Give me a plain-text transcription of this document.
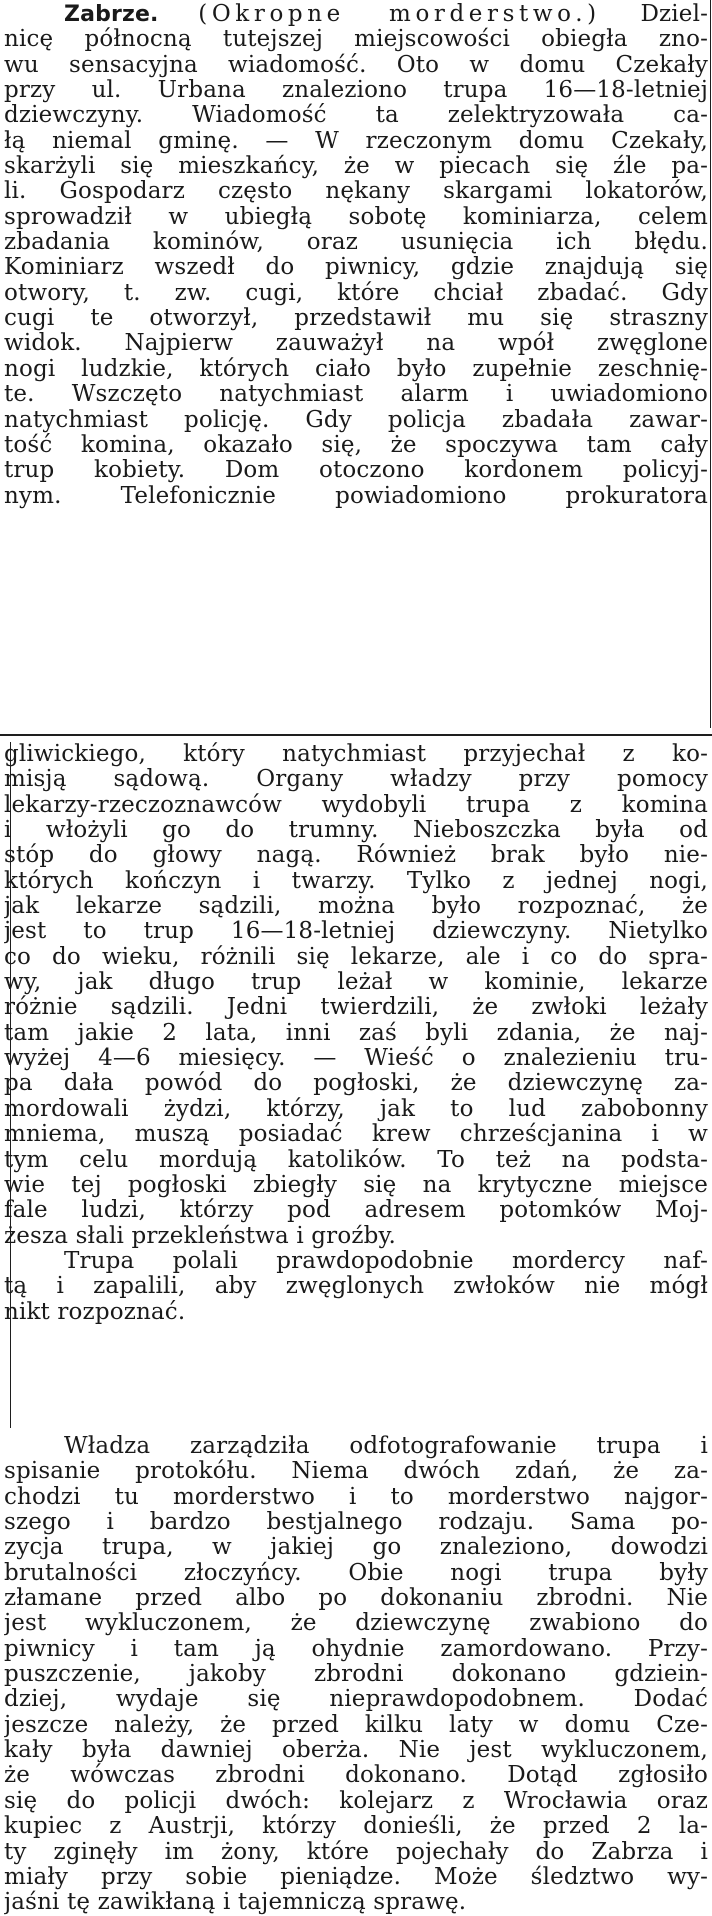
Zabrze. (Okropne morderstwo.) Dziel-
nicę północną tutejszej miejscowości obiegła zno-
wu sensacyjna wiadomość. Oto w domu Czekały
przy ul. Urbana znaleziono trupa 16—18-letniej
dziewczyny. Wiadomość ta zelektryzowała ca-
łą niemal gminę. — W rzeczonym domu Czekały,
skarżyli się mieszkańcy, że w piecach się źle pa-
li. Gospodarz często nękany skargami lokatorów,
sprowadził w ubiegłą sobotę kominiarza, celem
zbadania kominów, oraz usunięcia ich błędu.
Kominiarz wszedł do piwnicy, gdzie znajdują się
otwory, t. zw. cugi, które chciał zbadać. Gdy
cugi te otworzył, przedstawił mu się straszny
widok. Najpierw zauważył na wpół zwęglone
nogi ludzkie, których ciało było zupełnie zeschnię-
te. Wszczęto natychmiast alarm i uwiadomiono
natychmiast policję. Gdy policja zbadała zawar-
tość komina, okazało się, że spoczywa tam cały
trup kobiety. Dom otoczono kordonem policyj-
nym. Telefonicznie powiadomiono prokuratora
gliwickiego, który natychmiast przyjechał z ko-
misją sądową. Organy władzy przy pomocy
lekarzy-rzeczoznawców wydobyli trupa z komina
i włożyli go do trumny. Nieboszczka była od
stóp do głowy nagą. Również brak było nie-
których kończyn i twarzy. Tylko z jednej nogi,
jak lekarze sądzili, można było rozpoznać, że
jest to trup 16—18-letniej dziewczyny. Nietylko
co do wieku, różnili się lekarze, ale i co do spra-
wy, jak długo trup leżał w kominie, lekarze
różnie sądzili. Jedni twierdzili, że zwłoki leżały
tam jakie 2 lata, inni zaś byli zdania, że naj-
wyżej 4—6 miesięcy. — Wieść o znalezieniu tru-
pa dała powód do pogłoski, że dziewczynę za-
mordowali żydzi, którzy, jak to lud zabobonny
mniema, muszą posiadać krew chrześcjanina i w
tym celu mordują katolików. To też na podsta-
wie tej pogłoski zbiegły się na krytyczne miejsce
fale ludzi, którzy pod adresem potomków Moj-
żesza słali przekleństwa i groźby.
Trupa polali prawdopodobnie mordercy naf-
tą i zapalili, aby zwęglonych zwłoków nie mógł
nikt rozpoznać.
Władza zarządziła odfotografowanie trupa i
spisanie protokółu. Niema dwóch zdań, że za-
chodzi tu morderstwo i to morderstwo najgor-
szego i bardzo bestjalnego rodzaju. Sama po-
zycja trupa, w jakiej go znaleziono, dowodzi
brutalności złoczyńcy. Obie nogi trupa były
złamane przed albo po dokonaniu zbrodni. Nie
jest wykluczonem, że dziewczynę zwabiono do
piwnicy i tam ją ohydnie zamordowano. Przy-
puszczenie, jakoby zbrodni dokonano gdziein-
dziej, wydaje się nieprawdopodobnem. Dodać
jeszcze należy, że przed kilku laty w domu Cze-
kały była dawniej oberża. Nie jest wykluczonem,
że wówczas zbrodni dokonano. Dotąd zgłosiło
się do policji dwóch: kolejarz z Wrocławia oraz
kupiec z Austrji, którzy donieśli, że przed 2 la-
ty zginęły im żony, które pojechały do Zabrza i
miały przy sobie pieniądze. Może śledztwo wy-
jaśni tę zawikłaną i tajemniczą sprawę.
